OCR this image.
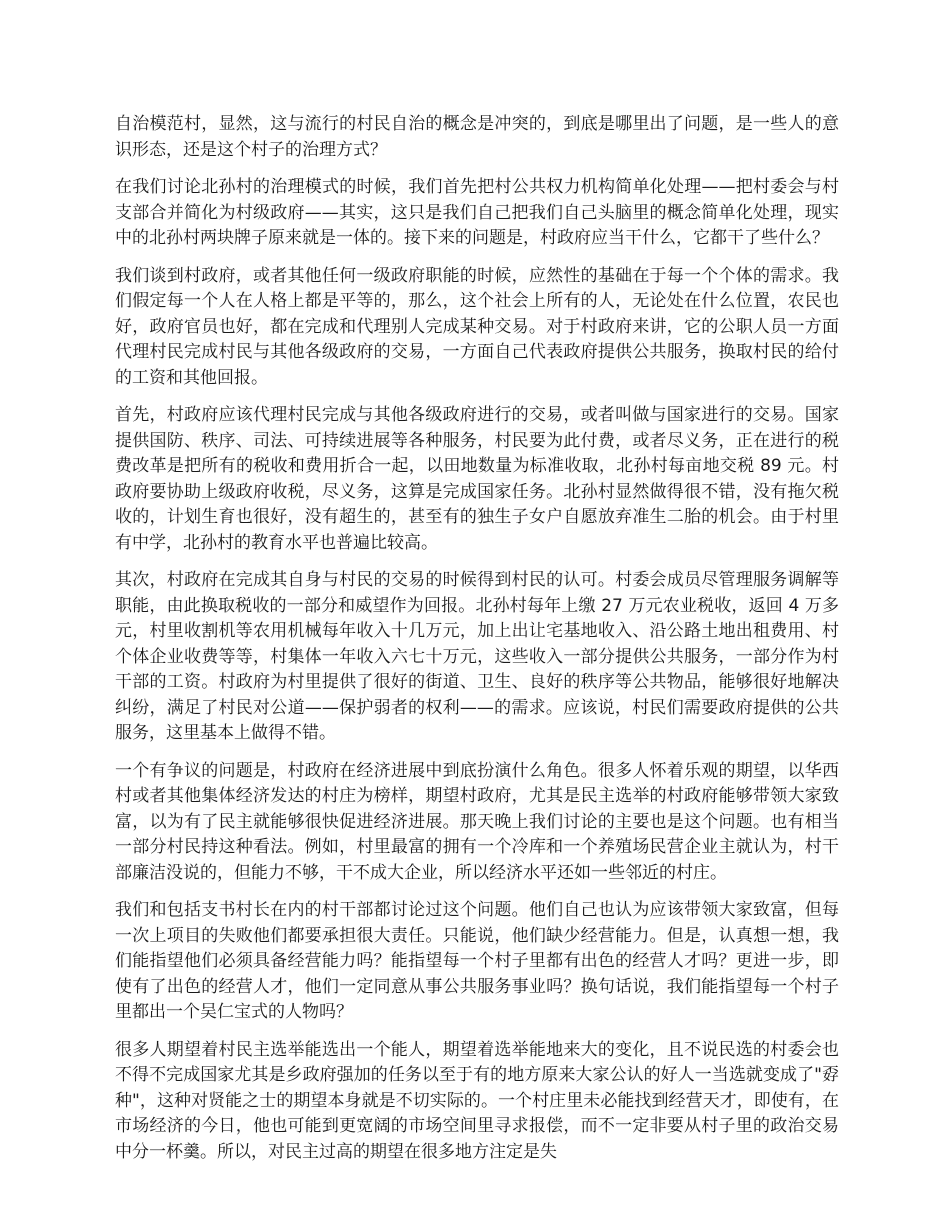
自治模范村，显然，这与流行的村民自治的概念是冲突的，到底是哪里出了问题，是一些人的意识形态，还是这个村子的治理方式？

在我们讨论北孙村的治理模式的时候，我们首先把村公共权力机构简单化处理——把村委会与村支部合并简化为村级政府——其实，这只是我们自己把我们自己头脑里的概念简单化处理，现实中的北孙村两块牌子原来就是一体的。接下来的问题是，村政府应当干什么，它都干了些什么？

我们谈到村政府，或者其他任何一级政府职能的时候，应然性的基础在于每一个个体的需求。我们假定每一个人在人格上都是平等的，那么，这个社会上所有的人，无论处在什么位置，农民也好，政府官员也好，都在完成和代理别人完成某种交易。对于村政府来讲，它的公职人员一方面代理村民完成村民与其他各级政府的交易，一方面自己代表政府提供公共服务，换取村民的给付的工资和其他回报。

首先，村政府应该代理村民完成与其他各级政府进行的交易，或者叫做与国家进行的交易。国家提供国防、秩序、司法、可持续进展等各种服务，村民要为此付费，或者尽义务，正在进行的税费改革是把所有的税收和费用折合一起，以田地数量为标准收取，北孙村每亩地交税 89 元。村政府要协助上级政府收税，尽义务，这算是完成国家任务。北孙村显然做得很不错，没有拖欠税收的，计划生育也很好，没有超生的，甚至有的独生子女户自愿放弃准生二胎的机会。由于村里有中学，北孙村的教育水平也普遍比较高。

其次，村政府在完成其自身与村民的交易的时候得到村民的认可。村委会成员尽管理服务调解等职能，由此换取税收的一部分和威望作为回报。北孙村每年上缴 27 万元农业税收，返回 4 万多元，村里收割机等农用机械每年收入十几万元，加上出让宅基地收入、沿公路土地出租费用、村个体企业收费等等，村集体一年收入六七十万元，这些收入一部分提供公共服务，一部分作为村干部的工资。村政府为村里提供了很好的街道、卫生、良好的秩序等公共物品，能够很好地解决纠纷，满足了村民对公道——保护弱者的权利——的需求。应该说，村民们需要政府提供的公共服务，这里基本上做得不错。

一个有争议的问题是，村政府在经济进展中到底扮演什么角色。很多人怀着乐观的期望，以华西村或者其他集体经济发达的村庄为榜样，期望村政府，尤其是民主选举的村政府能够带领大家致富，以为有了民主就能够很快促进经济进展。那天晚上我们讨论的主要也是这个问题。也有相当一部分村民持这种看法。例如，村里最富的拥有一个冷库和一个养殖场民营企业主就认为，村干部廉洁没说的，但能力不够，干不成大企业，所以经济水平还如一些邻近的村庄。

我们和包括支书村长在内的村干部都讨论过这个问题。他们自己也认为应该带领大家致富，但每一次上项目的失败他们都要承担很大责任。只能说，他们缺少经营能力。但是，认真想一想，我们能指望他们必须具备经营能力吗？能指望每一个村子里都有出色的经营人才吗？更进一步，即使有了出色的经营人才，他们一定同意从事公共服务事业吗？换句话说，我们能指望每一个村子里都出一个吴仁宝式的人物吗？

很多人期望着村民主选举能选出一个能人，期望着选举能地来大的变化，且不说民选的村委会也不得不完成国家尤其是乡政府强加的任务以至于有的地方原来大家公认的好人一当选就变成了"孬种"，这种对贤能之士的期望本身就是不切实际的。一个村庄里未必能找到经营天才，即使有，在市场经济的今日，他也可能到更宽阔的市场空间里寻求报偿，而不一定非要从村子里的政治交易中分一杯羹。所以，对民主过高的期望在很多地方注定是失
